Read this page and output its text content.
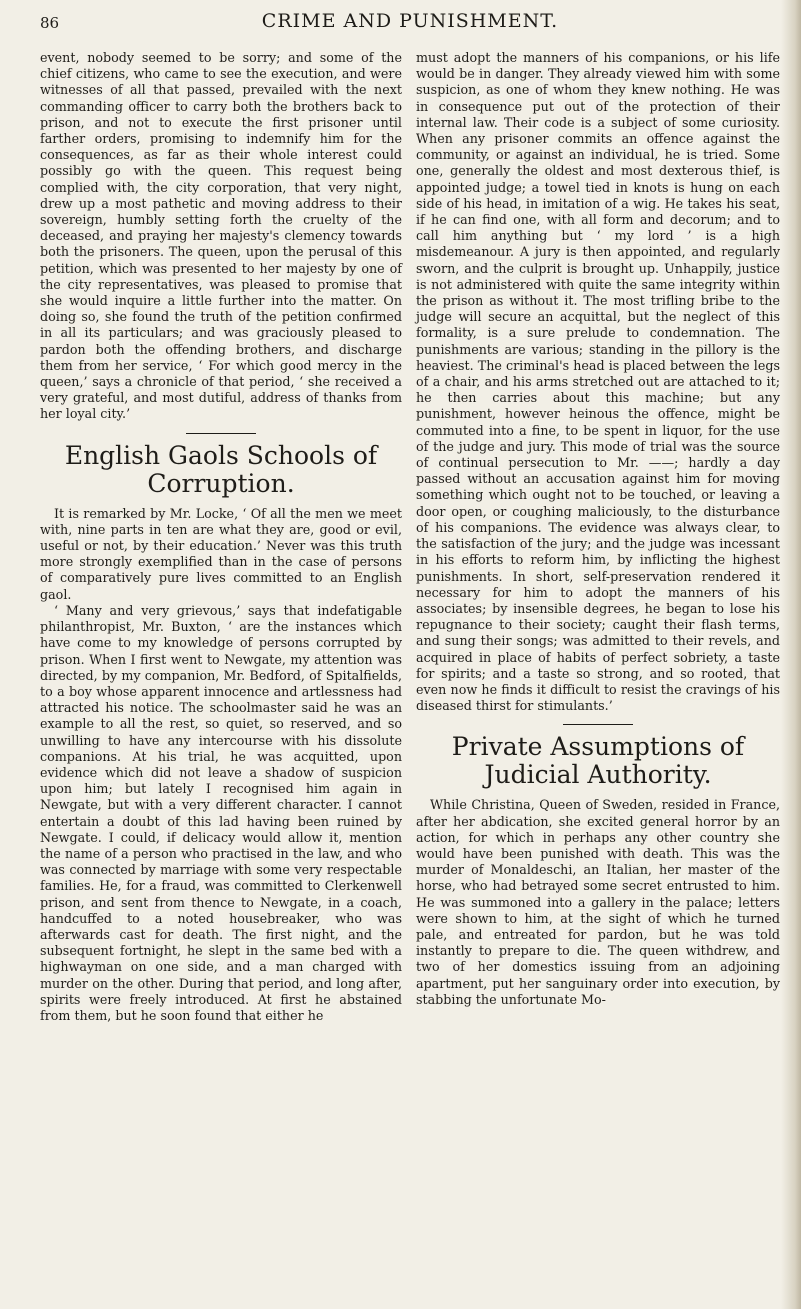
86	CRIME AND PUNISHMENT.

event, nobody seemed to be sorry; and some of the chief citizens, who came to see the execution, and were witnesses of all that passed, prevailed with the next commanding officer to carry both the brothers back to prison, and not to execute the first prisoner until farther orders, promising to indemnify him for the consequences, as far as their whole interest could possibly go with the queen. This request being complied with, the city corporation, that very night, drew up a most pathetic and moving address to their sovereign, humbly setting forth the cruelty of the deceased, and praying her majesty's clemency towards both the prisoners. The queen, upon the perusal of this petition, which was presented to her majesty by one of the city representatives, was pleased to promise that she would inquire a little further into the matter. On doing so, she found the truth of the petition confirmed in all its particulars; and was graciously pleased to pardon both the offending brothers, and discharge them from her service, ‘ For which good mercy in the queen,’ says a chronicle of that period, ‘ she received a very grateful, and most dutiful, address of thanks from her loyal city.’

English Gaols Schools of Corruption.

It is remarked by Mr. Locke, ‘ Of all the men we meet with, nine parts in ten are what they are, good or evil, useful or not, by their education.’ Never was this truth more strongly exemplified than in the case of persons of comparatively pure lives committed to an English gaol.

‘ Many and very grievous,’ says that indefatigable philanthropist, Mr. Buxton, ‘ are the instances which have come to my knowledge of persons corrupted by prison. When I first went to Newgate, my attention was directed, by my companion, Mr. Bedford, of Spitalfields, to a boy whose apparent innocence and artlessness had attracted his notice. The schoolmaster said he was an example to all the rest, so quiet, so reserved, and so unwilling to have any intercourse with his dissolute companions. At his trial, he was acquitted, upon evidence which did not leave a shadow of suspicion upon him; but lately I recognised him again in Newgate, but with a very different character. I cannot entertain a doubt of this lad having been ruined by Newgate. I could, if delicacy would allow it, mention the name of a person who practised in the law, and who was connected by marriage with some very respectable families. He, for a fraud, was committed to Clerkenwell prison, and sent from thence to Newgate, in a coach, handcuffed to a noted housebreaker, who was afterwards cast for death. The first night, and the subsequent fortnight, he slept in the same bed with a highwayman on one side, and a man charged with murder on the other. During that period, and long after, spirits were freely introduced. At first he abstained from them, but he soon found that either he

must adopt the manners of his companions, or his life would be in danger. They already viewed him with some suspicion, as one of whom they knew nothing. He was in consequence put out of the protection of their internal law. Their code is a subject of some curiosity. When any prisoner commits an offence against the community, or against an individual, he is tried. Some one, generally the oldest and most dexterous thief, is appointed judge; a towel tied in knots is hung on each side of his head, in imitation of a wig. He takes his seat, if he can find one, with all form and decorum; and to call him anything but ‘ my lord ’ is a high misdemeanour. A jury is then appointed, and regularly sworn, and the culprit is brought up. Unhappily, justice is not administered with quite the same integrity within the prison as without it. The most trifling bribe to the judge will secure an acquittal, but the neglect of this formality, is a sure prelude to condemnation. The punishments are various; standing in the pillory is the heaviest. The criminal's head is placed between the legs of a chair, and his arms stretched out are attached to it; he then carries about this machine; but any punishment, however heinous the offence, might be commuted into a fine, to be spent in liquor, for the use of the judge and jury. This mode of trial was the source of continual persecution to Mr. ——; hardly a day passed without an accusation against him for moving something which ought not to be touched, or leaving a door open, or coughing maliciously, to the disturbance of his companions. The evidence was always clear, to the satisfaction of the jury; and the judge was incessant in his efforts to reform him, by inflicting the highest punishments. In short, self-preservation rendered it necessary for him to adopt the manners of his associates; by insensible degrees, he began to lose his repugnance to their society; caught their flash terms, and sung their songs; was admitted to their revels, and acquired in place of habits of perfect sobriety, a taste for spirits; and a taste so strong, and so rooted, that even now he finds it difficult to resist the cravings of his diseased thirst for stimulants.’

Private Assumptions of Judicial Authority.

While Christina, Queen of Sweden, resided in France, after her abdication, she excited general horror by an action, for which in perhaps any other country she would have been punished with death. This was the murder of Monaldeschi, an Italian, her master of the horse, who had betrayed some secret entrusted to him. He was summoned into a gallery in the palace; letters were shown to him, at the sight of which he turned pale, and entreated for pardon, but he was told instantly to prepare to die. The queen withdrew, and two of her domestics issuing from an adjoining apartment, put her sanguinary order into execution, by stabbing the unfortunate Mo-
